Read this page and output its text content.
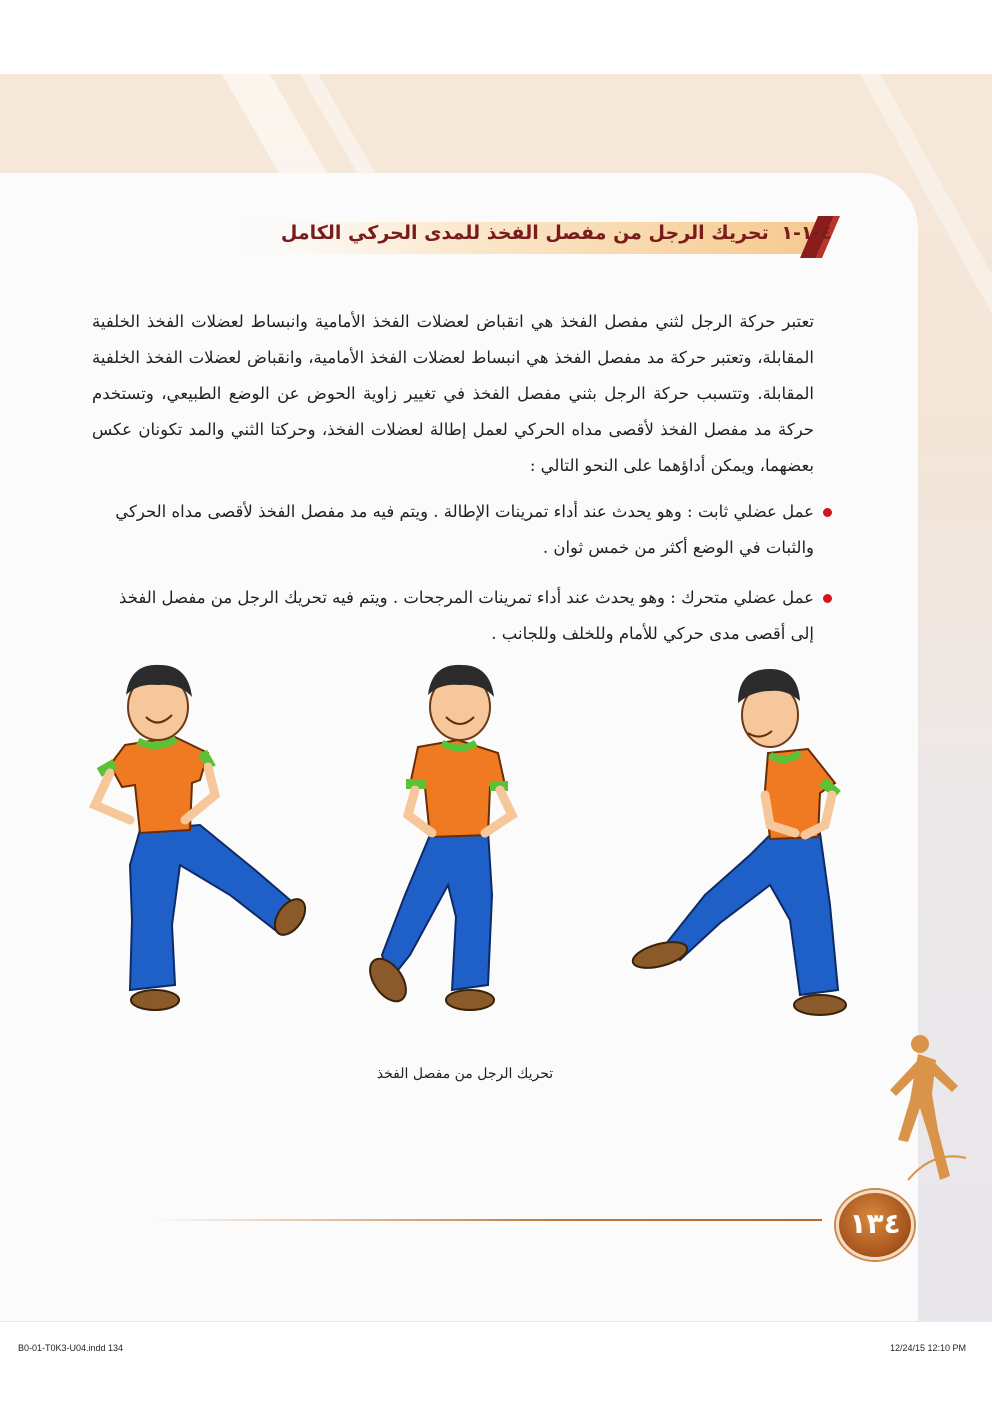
٤-١-١ تحريك الرجل من مفصل الفخذ للمدى الحركي الكامل
تعتبر حركة الرجل لثني مفصل الفخذ هي انقباض لعضلات الفخذ الأمامية وانبساط لعضلات الفخذ الخلفية المقابلة، وتعتبر حركة مد مفصل الفخذ هي انبساط لعضلات الفخذ الأمامية، وانقباض لعضلات الفخذ الخلفية المقابلة. وتتسبب حركة الرجل بثني مفصل الفخذ في تغيير زاوية الحوض عن الوضع الطبيعي، وتستخدم حركة مد مفصل الفخذ لأقصى مداه الحركي لعمل إطالة لعضلات الفخذ، وحركتا الثني والمد تكونان عكس بعضهما، ويمكن أداؤهما على النحو التالي :
عمل عضلي ثابت : وهو يحدث عند أداء تمرينات الإطالة . ويتم فيه مد مفصل الفخذ لأقصى مداه الحركي والثبات في الوضع أكثر من خمس ثوان .
عمل عضلي متحرك : وهو يحدث عند أداء تمرينات المرجحات . ويتم فيه تحريك الرجل من مفصل الفخذ إلى أقصى مدى حركي للأمام وللخلف وللجانب .
تحريك الرجل من مفصل الفخذ
١٣٤
B0-01-T0K3-U04.indd 134	12/24/15 12:10 PM
